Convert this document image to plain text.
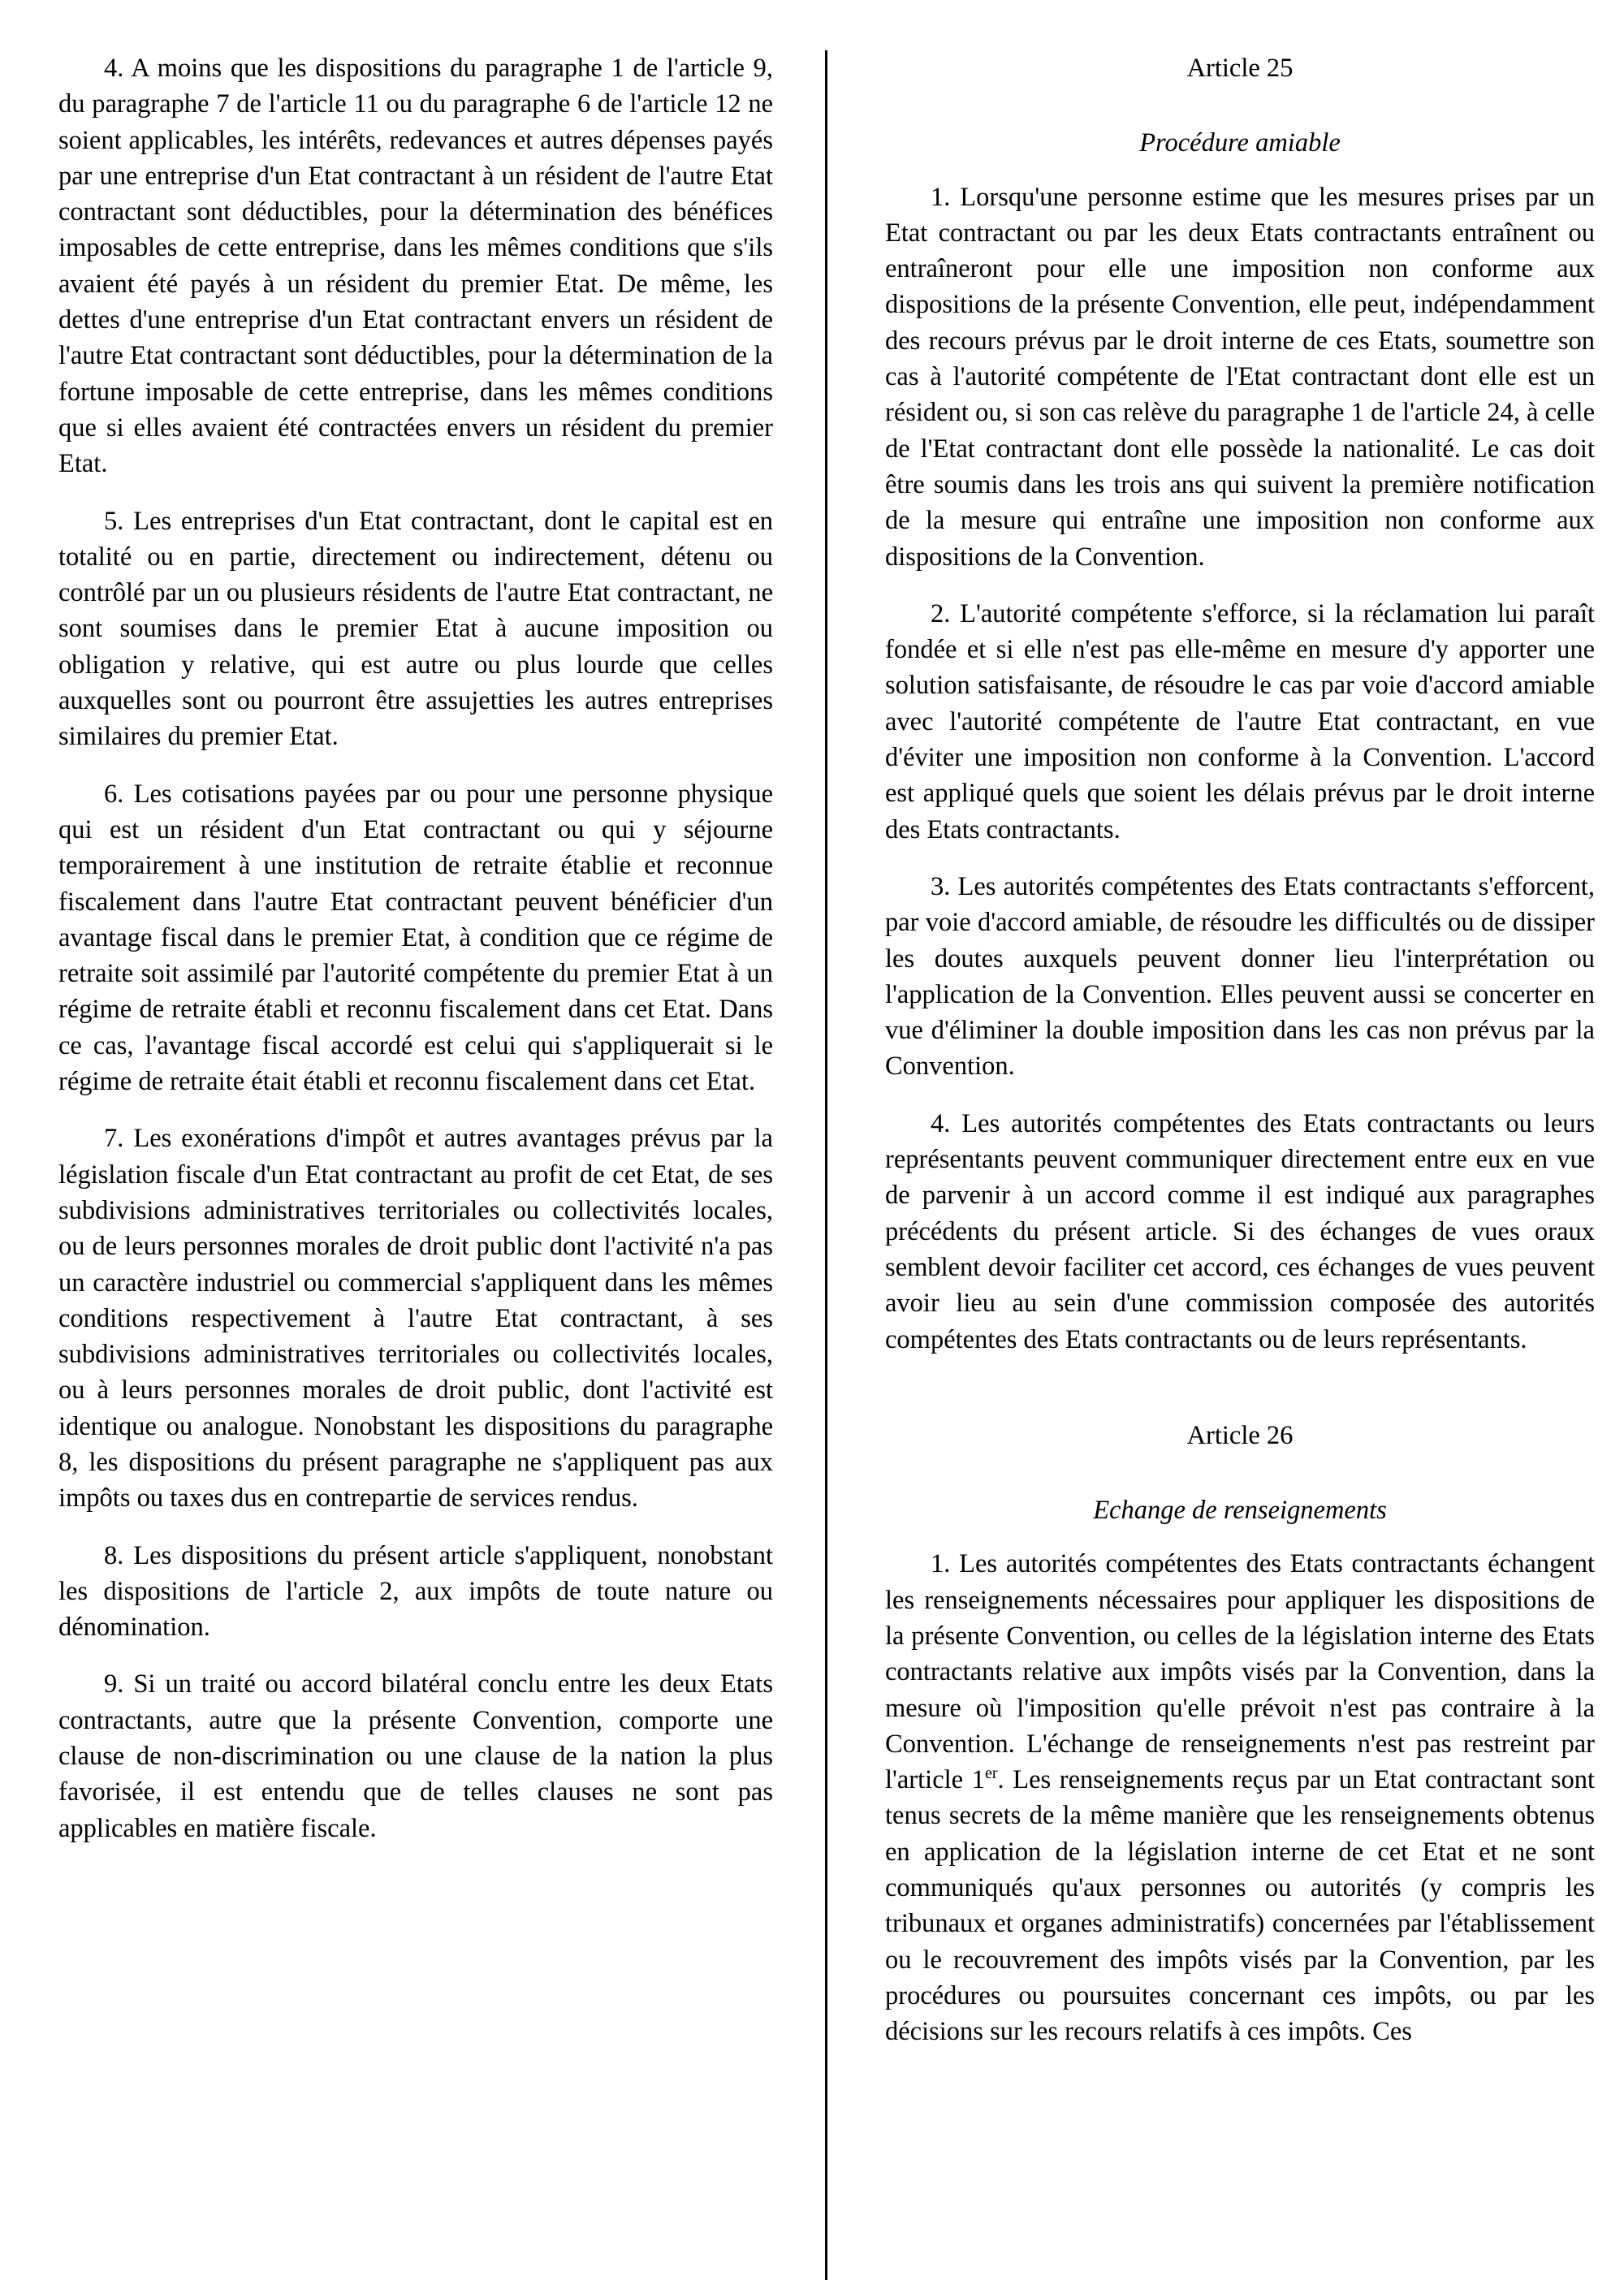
4. A moins que les dispositions du paragraphe 1 de l'article 9, du paragraphe 7 de l'article 11 ou du paragraphe 6 de l'article 12 ne soient applicables, les intérêts, redevances et autres dépenses payés par une entreprise d'un Etat contractant à un résident de l'autre Etat contractant sont déductibles, pour la détermination des bénéfices imposables de cette entreprise, dans les mêmes conditions que s'ils avaient été payés à un résident du premier Etat. De même, les dettes d'une entreprise d'un Etat contractant envers un résident de l'autre Etat contractant sont déductibles, pour la détermination de la fortune imposable de cette entreprise, dans les mêmes conditions que si elles avaient été contractées envers un résident du premier Etat.

5. Les entreprises d'un Etat contractant, dont le capital est en totalité ou en partie, directement ou indirectement, détenu ou contrôlé par un ou plusieurs résidents de l'autre Etat contractant, ne sont soumises dans le premier Etat à aucune imposition ou obligation y relative, qui est autre ou plus lourde que celles auxquelles sont ou pourront être assujetties les autres entreprises similaires du premier Etat.

6. Les cotisations payées par ou pour une personne physique qui est un résident d'un Etat contractant ou qui y séjourne temporairement à une institution de retraite établie et reconnue fiscalement dans l'autre Etat contractant peuvent bénéficier d'un avantage fiscal dans le premier Etat, à condition que ce régime de retraite soit assimilé par l'autorité compétente du premier Etat à un régime de retraite établi et reconnu fiscalement dans cet Etat. Dans ce cas, l'avantage fiscal accordé est celui qui s'appliquerait si le régime de retraite était établi et reconnu fiscalement dans cet Etat.

7. Les exonérations d'impôt et autres avantages prévus par la législation fiscale d'un Etat contractant au profit de cet Etat, de ses subdivisions administratives territoriales ou collectivités locales, ou de leurs personnes morales de droit public dont l'activité n'a pas un caractère industriel ou commercial s'appliquent dans les mêmes conditions respectivement à l'autre Etat contractant, à ses subdivisions administratives territoriales ou collectivités locales, ou à leurs personnes morales de droit public, dont l'activité est identique ou analogue. Nonobstant les dispositions du paragraphe 8, les dispositions du présent paragraphe ne s'appliquent pas aux impôts ou taxes dus en contrepartie de services rendus.

8. Les dispositions du présent article s'appliquent, nonobstant les dispositions de l'article 2, aux impôts de toute nature ou dénomination.

9. Si un traité ou accord bilatéral conclu entre les deux Etats contractants, autre que la présente Convention, comporte une clause de non-discrimination ou une clause de la nation la plus favorisée, il est entendu que de telles clauses ne sont pas applicables en matière fiscale.

Article 25
Procédure amiable

1. Lorsqu'une personne estime que les mesures prises par un Etat contractant ou par les deux Etats contractants entraînent ou entraîneront pour elle une imposition non conforme aux dispositions de la présente Convention, elle peut, indépendamment des recours prévus par le droit interne de ces Etats, soumettre son cas à l'autorité compétente de l'Etat contractant dont elle est un résident ou, si son cas relève du paragraphe 1 de l'article 24, à celle de l'Etat contractant dont elle possède la nationalité. Le cas doit être soumis dans les trois ans qui suivent la première notification de la mesure qui entraîne une imposition non conforme aux dispositions de la Convention.

2. L'autorité compétente s'efforce, si la réclamation lui paraît fondée et si elle n'est pas elle-même en mesure d'y apporter une solution satisfaisante, de résoudre le cas par voie d'accord amiable avec l'autorité compétente de l'autre Etat contractant, en vue d'éviter une imposition non conforme à la Convention. L'accord est appliqué quels que soient les délais prévus par le droit interne des Etats contractants.

3. Les autorités compétentes des Etats contractants s'efforcent, par voie d'accord amiable, de résoudre les difficultés ou de dissiper les doutes auxquels peuvent donner lieu l'interprétation ou l'application de la Convention. Elles peuvent aussi se concerter en vue d'éliminer la double imposition dans les cas non prévus par la Convention.

4. Les autorités compétentes des Etats contractants ou leurs représentants peuvent communiquer directement entre eux en vue de parvenir à un accord comme il est indiqué aux paragraphes précédents du présent article. Si des échanges de vues oraux semblent devoir faciliter cet accord, ces échanges de vues peuvent avoir lieu au sein d'une commission composée des autorités compétentes des Etats contractants ou de leurs représentants.

Article 26
Echange de renseignements

1. Les autorités compétentes des Etats contractants échangent les renseignements nécessaires pour appliquer les dispositions de la présente Convention, ou celles de la législation interne des Etats contractants relative aux impôts visés par la Convention, dans la mesure où l'imposition qu'elle prévoit n'est pas contraire à la Convention. L'échange de renseignements n'est pas restreint par l'article 1er. Les renseignements reçus par un Etat contractant sont tenus secrets de la même manière que les renseignements obtenus en application de la législation interne de cet Etat et ne sont communiqués qu'aux personnes ou autorités (y compris les tribunaux et organes administratifs) concernées par l'établissement ou le recouvrement des impôts visés par la Convention, par les procédures ou poursuites concernant ces impôts, ou par les décisions sur les recours relatifs à ces impôts. Ces
